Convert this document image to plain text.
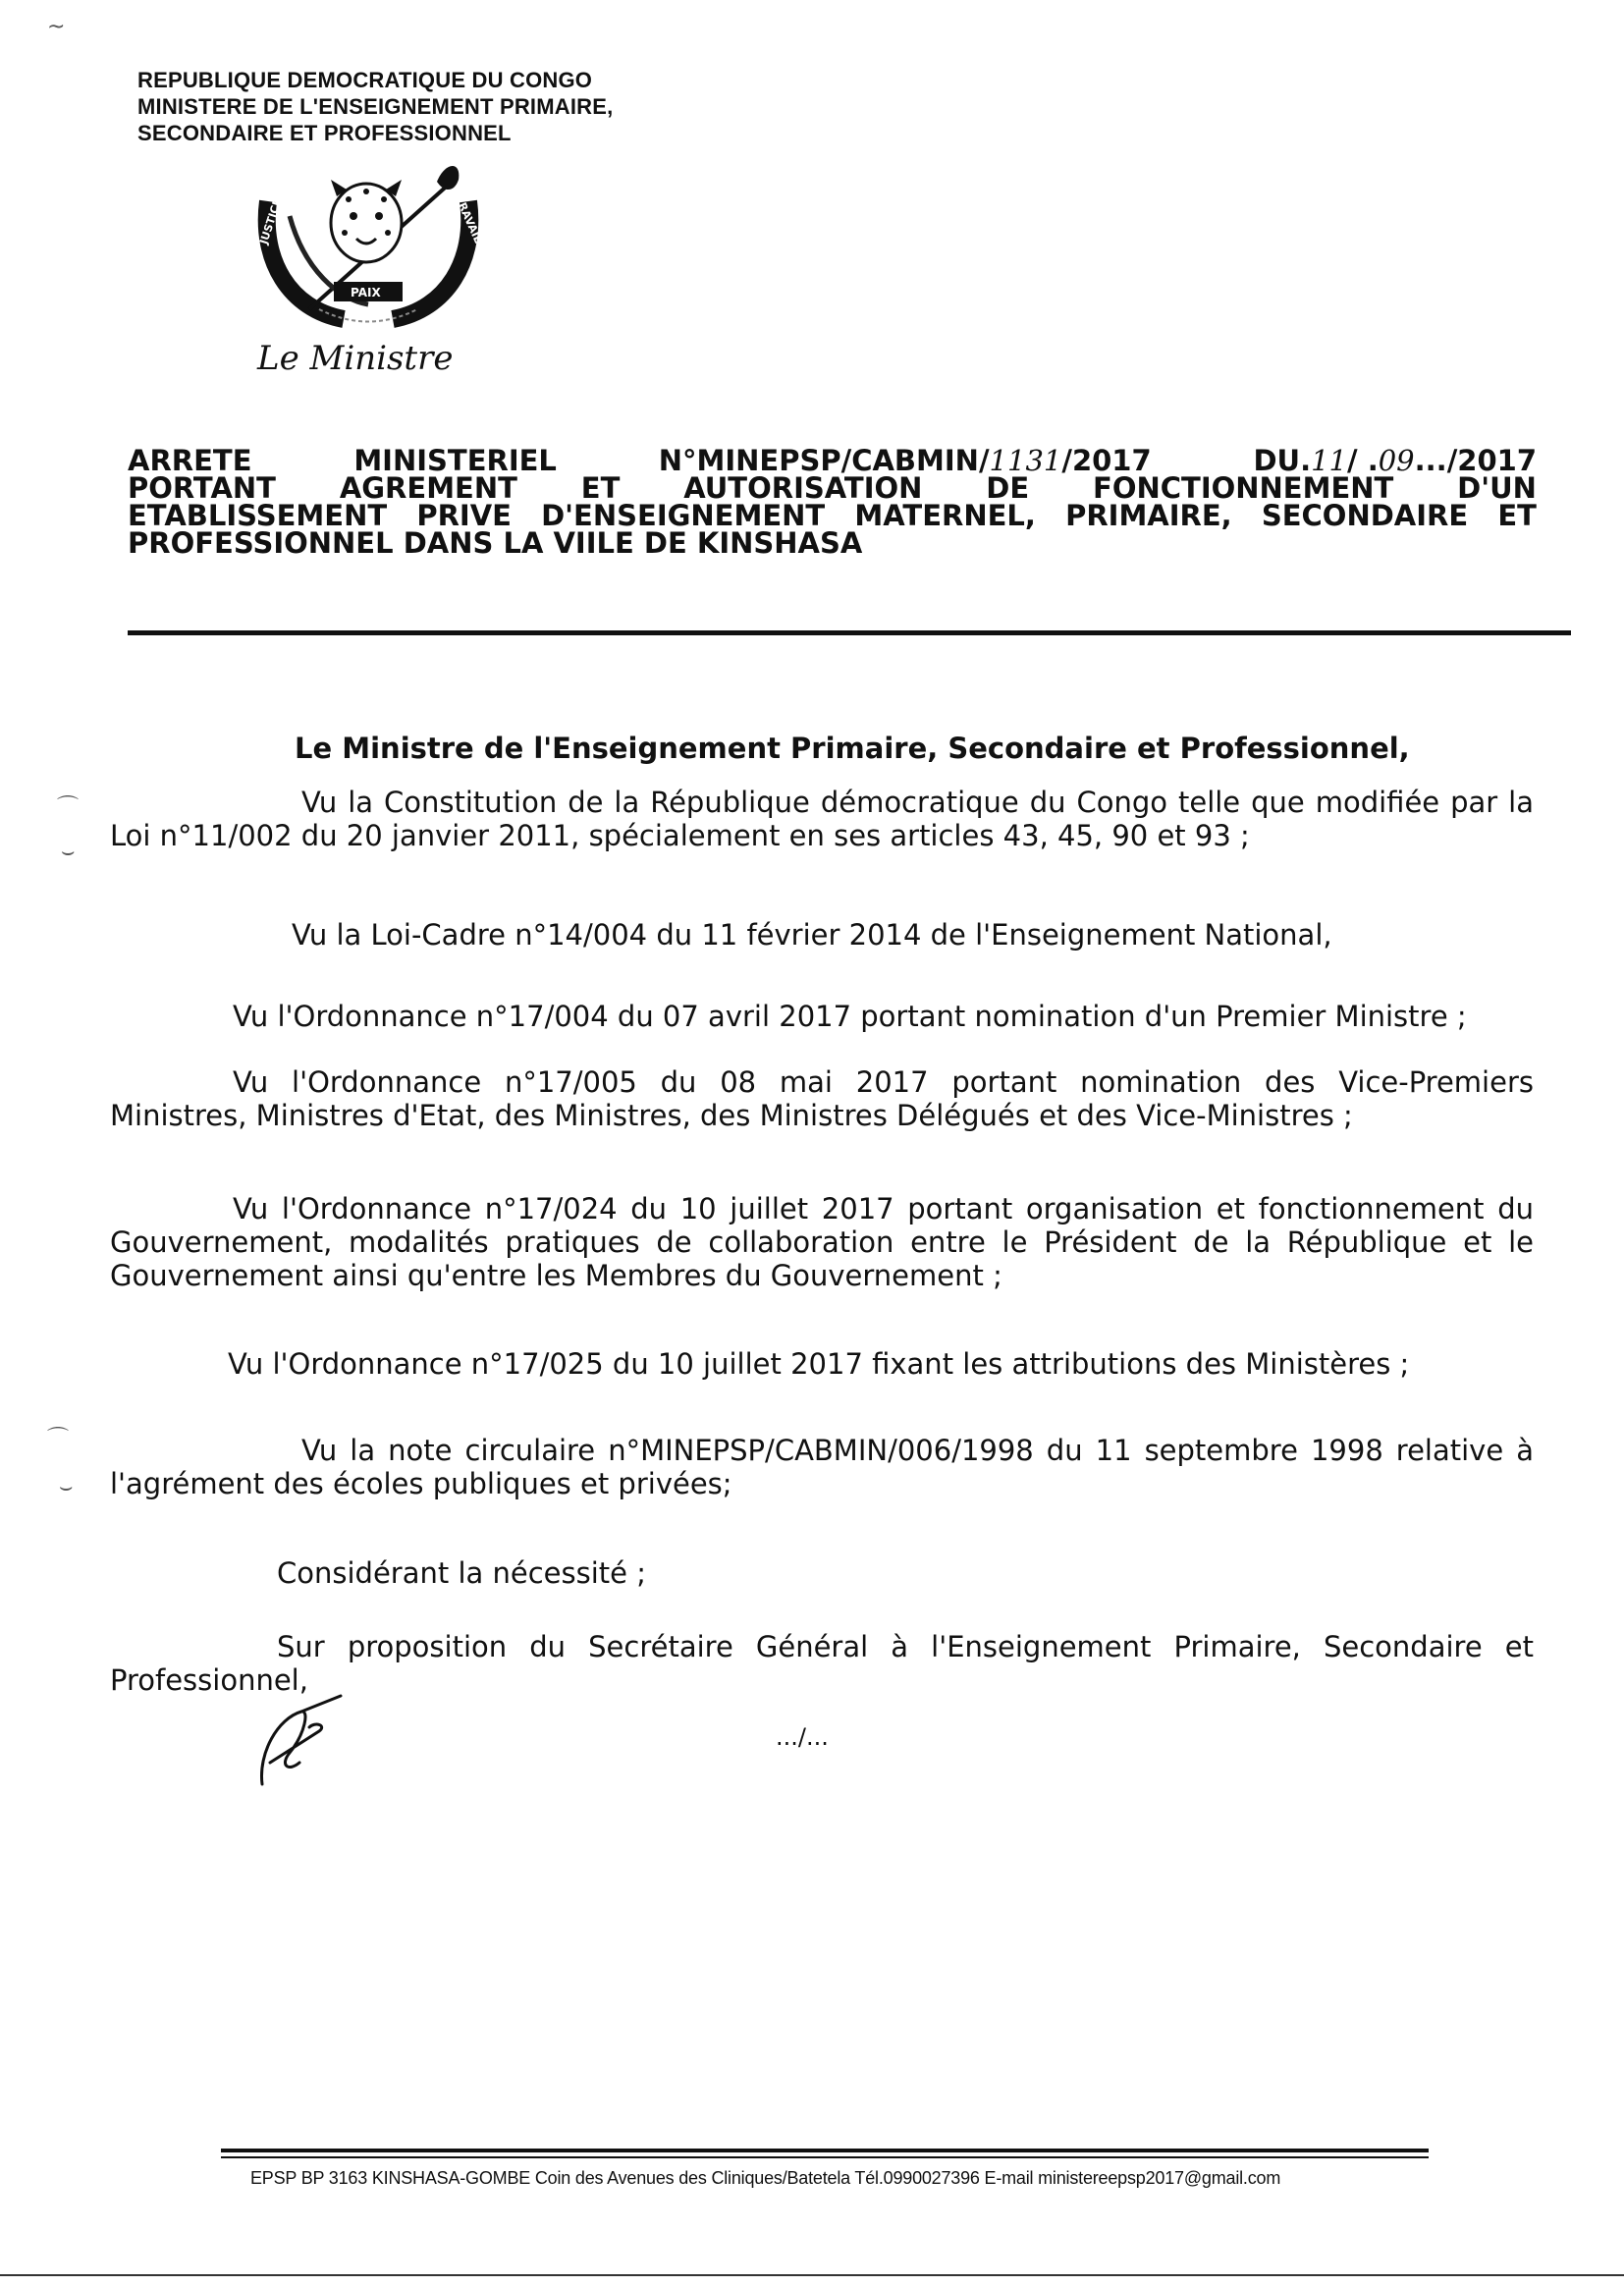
REPUBLIQUE DEMOCRATIQUE DU CONGO
MINISTERE DE L'ENSEIGNEMENT PRIMAIRE,
SECONDAIRE ET PROFESSIONNEL
JUSTICE	TRAVAIL
PAIX
Le Ministre
ARRETE	MINISTERIEL	N°MINEPSP/CABMIN/1131/2017	DU.11/ .09.../2017
PORTANT AGREMENT ET AUTORISATION DE FONCTIONNEMENT D'UN
ETABLISSEMENT PRIVE D'ENSEIGNEMENT MATERNEL, PRIMAIRE, SECONDAIRE ET
PROFESSIONNEL DANS LA VIILE DE KINSHASA
Le Ministre de l'Enseignement Primaire, Secondaire et Professionnel,

Vu la Constitution de la République démocratique du Congo telle que modifiée par la Loi n°11/002 du 20 janvier 2011, spécialement en ses articles 43, 45, 90 et 93 ;

Vu la Loi-Cadre n°14/004 du 11 février 2014 de l'Enseignement National,

Vu l'Ordonnance n°17/004 du 07 avril 2017 portant nomination d'un Premier Ministre ;

Vu l'Ordonnance n°17/005 du 08 mai 2017 portant nomination des Vice-Premiers Ministres, Ministres d'Etat, des Ministres, des Ministres Délégués et des Vice-Ministres ;

Vu l'Ordonnance n°17/024 du 10 juillet 2017 portant organisation et fonctionnement du Gouvernement, modalités pratiques de collaboration entre le Président de la République et le Gouvernement ainsi qu'entre les Membres du Gouvernement ;

Vu l'Ordonnance n°17/025 du 10 juillet 2017 fixant les attributions des Ministères ;

Vu la note circulaire n°MINEPSP/CABMIN/006/1998 du 11 septembre 1998 relative à l'agrément des écoles publiques et privées;

Considérant la nécessité ;

Sur proposition du Secrétaire Général à l'Enseignement Primaire, Secondaire et Professionnel,

⌒
⌣
⌒
⌣
~
.../...
EPSP BP 3163 KINSHASA-GOMBE Coin des Avenues des Cliniques/Batetela Tél.0990027396 E-mail ministereepsp2017@gmail.com
